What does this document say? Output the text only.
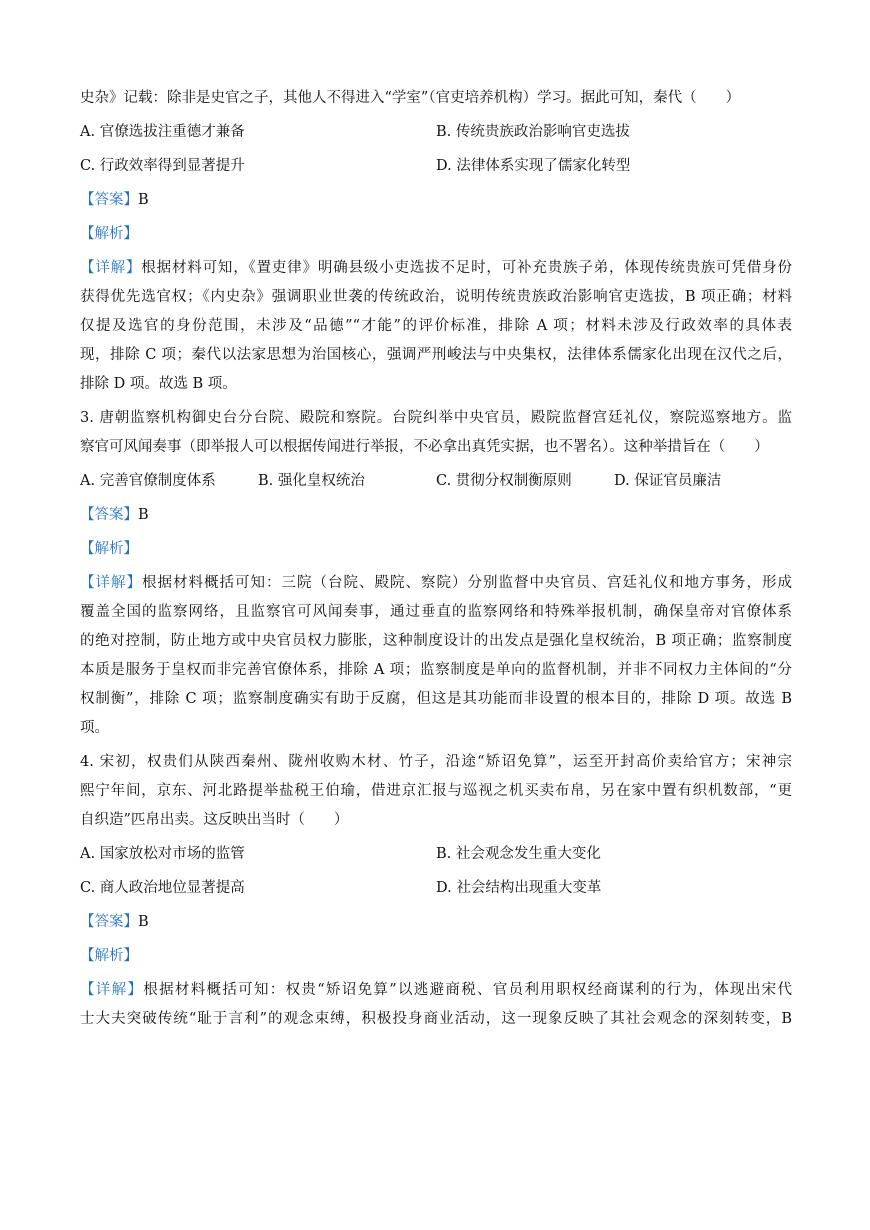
史杂》记载：除非是史官之子，其他人不得进入“学室”（官吏培养机构）学习。据此可知，秦代（　　）
A. 官僚选拔注重德才兼备	B. 传统贵族政治影响官吏选拔
C. 行政效率得到显著提升	D. 法律体系实现了儒家化转型
【答案】B
【解析】
【详解】根据材料可知，《置吏律》明确县级小吏选拔不足时，可补充贵族子弟，体现传统贵族可凭借身份
获得优先选官权；《内史杂》强调职业世袭的传统政治，说明传统贵族政治影响官吏选拔，B 项正确；材料
仅提及选官的身份范围，未涉及“品德”“才能”的评价标准，排除 A 项；材料未涉及行政效率的具体表
现，排除 C 项；秦代以法家思想为治国核心，强调严刑峻法与中央集权，法律体系儒家化出现在汉代之后，
排除 D 项。故选 B 项。
3. 唐朝监察机构御史台分台院、殿院和察院。台院纠举中央官员，殿院监督宫廷礼仪，察院巡察地方。监
察官可风闻奏事（即举报人可以根据传闻进行举报，不必拿出真凭实据，也不署名）。这种举措旨在（　　）
A. 完善官僚制度体系	B. 强化皇权统治	C. 贯彻分权制衡原则	D. 保证官员廉洁
【答案】B
【解析】
【详解】根据材料概括可知：三院（台院、殿院、察院）分别监督中央官员、宫廷礼仪和地方事务，形成
覆盖全国的监察网络，且监察官可风闻奏事，通过垂直的监察网络和特殊举报机制，确保皇帝对官僚体系
的绝对控制，防止地方或中央官员权力膨胀，这种制度设计的出发点是强化皇权统治，B 项正确；监察制度
本质是服务于皇权而非完善官僚体系，排除 A 项；监察制度是单向的监督机制，并非不同权力主体间的“分
权制衡”，排除 C 项；监察制度确实有助于反腐，但这是其功能而非设置的根本目的，排除 D 项。故选 B
项。
4. 宋初，权贵们从陕西秦州、陇州收购木材、竹子，沿途“矫诏免算”，运至开封高价卖给官方；宋神宗
熙宁年间，京东、河北路提举盐税王伯瑜，借进京汇报与巡视之机买卖布帛，另在家中置有织机数部，“更
自织造”匹帛出卖。这反映出当时（　　）
A. 国家放松对市场的监管	B. 社会观念发生重大变化
C. 商人政治地位显著提高	D. 社会结构出现重大变革
【答案】B
【解析】
【详解】根据材料概括可知：权贵“矫诏免算”以逃避商税、官员利用职权经商谋利的行为，体现出宋代
士大夫突破传统“耻于言利”的观念束缚，积极投身商业活动，这一现象反映了其社会观念的深刻转变，B
